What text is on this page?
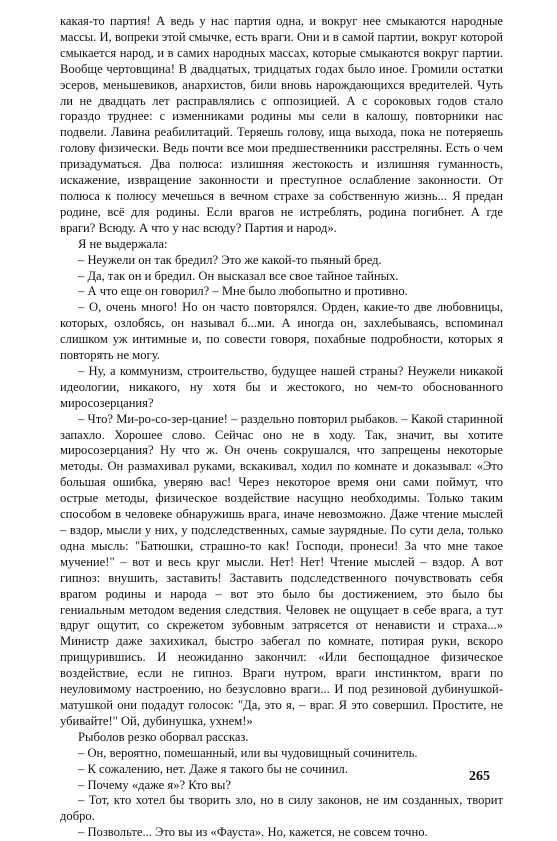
какая-то партия! А ведь у нас партия одна, и вокруг нее смыкаются народные массы. И, вопреки этой смычке, есть враги. Они и в самой партии, вокруг которой смыкается народ, и в самих народных массах, которые смыкаются вокруг партии. Вообще чертовщина! В двадцатых, тридцатых годах было иное. Громили остатки эсеров, меньшевиков, анархистов, били вновь нарождающихся вредителей. Чуть ли не двадцать лет расправлялись с оппозицией. А с сороковых годов стало гораздо труднее: с изменниками родины мы сели в калошу, повторники нас подвели. Лавина реабилитаций. Теряешь голову, ища выхода, пока не потеряешь голову физически. Ведь почти все мои предшественники расстреляны. Есть о чем призадуматься. Два полюса: излишняя жестокость и излишняя гуманность, искажение, извращение законности и преступное ослабление законности. От полюса к полюсу мечешься в вечном страхе за собственную жизнь... Я предан родине, всё для родины. Если врагов не истреблять, родина погибнет. А где враги? Всюду. А что у нас всюду? Партия и народ».

Я не выдержала:

– Неужели он так бредил? Это же какой-то пьяный бред.

– Да, так он и бредил. Он высказал все свое тайное тайных.

– А что еще он говорил? – Мне было любопытно и противно.

– О, очень много! Но он часто повторялся. Орден, какие-то две любовницы, которых, озлобясь, он называл б...ми. А иногда он, захлебываясь, вспоминал слишком уж интимные и, по совести говоря, похабные подробности, которых я повторять не могу.

– Ну, а коммунизм, строительство, будущее нашей страны? Неужели никакой идеологии, никакого, ну хотя бы и жестокого, но чем-то обоснованного миросозерцания?

– Что? Ми-ро-со-зер-цание! – раздельно повторил рыбаков. – Какой старинной запахло. Хорошее слово. Сейчас оно не в ходу. Так, значит, вы хотите миросозерцания? Ну что ж. Он очень сокрушался, что запрещены некоторые методы. Он размахивал руками, вскакивал, ходил по комнате и доказывал: «Это большая ошибка, уверяю вас! Через некоторое время они сами поймут, что острые методы, физическое воздействие насущно необходимы. Только таким способом в человеке обнаружишь врага, иначе невозможно. Даже чтение мыслей – вздор, мысли у них, у подследственных, самые заурядные. По сути дела, только одна мысль: "Батюшки, страшно-то как! Господи, пронеси! За что мне такое мучение!" – вот и весь круг мысли. Нет! Нет! Чтение мыслей – вздор. А вот гипноз: внушить, заставить! Заставить подследственного почувствовать себя врагом родины и народа – вот это было бы достижением, это было бы гениальным методом ведения следствия. Человек не ощущает в себе врага, а тут вдруг ощутит, со скрежетом зубовным затрясется от ненависти и страха...» Министр даже захихикал, быстро забегал по комнате, потирая руки, вскоро прищурившись. И неожиданно закончил: «Или беспощадное физическое воздействие, если не гипноз. Враги нутром, враги инстинктом, враги по неуловимому настроению, но безусловно враги... И под резиновой дубинушкой-матушкой они подадут голосок: "Да, это я, – враг. Я это совершил. Простите, не убивайте!" Ой, дубинушка, ухнем!»

Рыболов резко оборвал рассказ.

– Он, вероятно, помешанный, или вы чудовищный сочинитель.

– К сожалению, нет. Даже я такого бы не сочинил.

– Почему «даже я»? Кто вы?

– Тот, кто хотел бы творить зло, но в силу законов, не им созданных, творит добро.

– Позвольте... Это вы из «Фауста». Но, кажется, не совсем точно.

265
